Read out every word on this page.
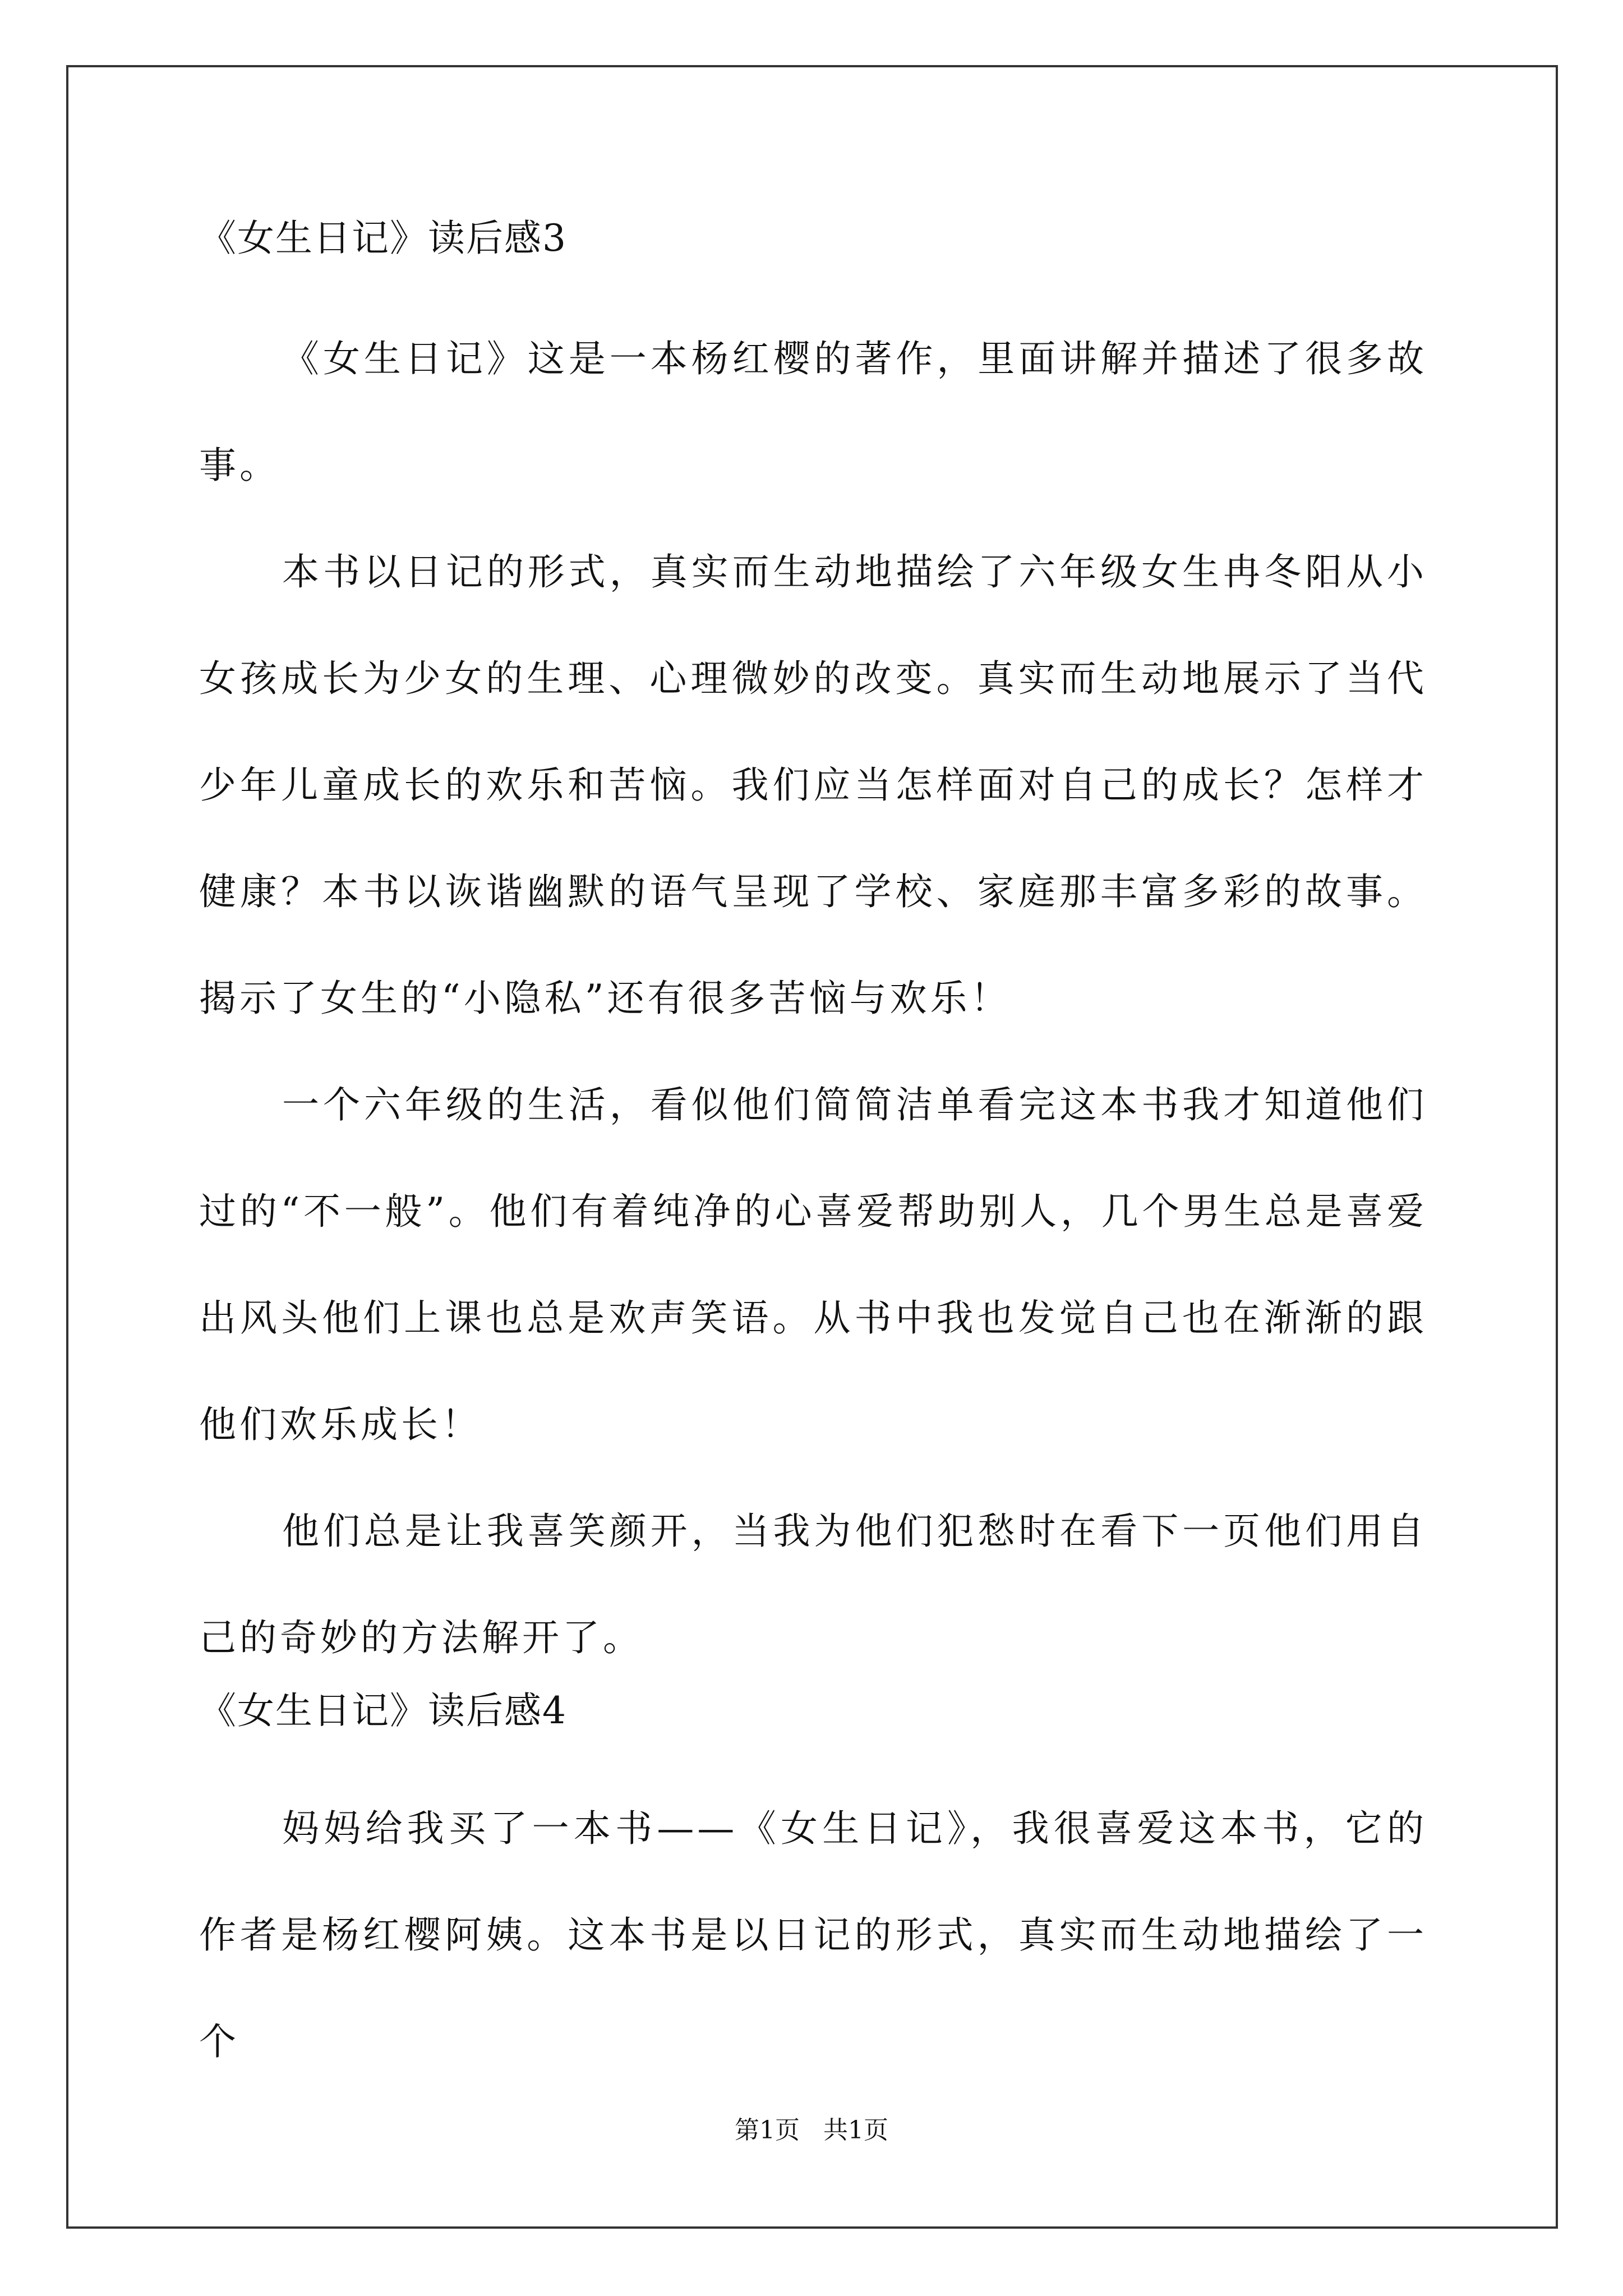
《女生日记》读后感3

《女生日记》这是一本杨红樱的著作，里面讲解并描述了很多故事。

本书以日记的形式，真实而生动地描绘了六年级女生冉冬阳从小女孩成长为少女的生理、心理微妙的改变。真实而生动地展示了当代少年儿童成长的欢乐和苦恼。我们应当怎样面对自己的成长？怎样才健康？本书以诙谐幽默的语气呈现了学校、家庭那丰富多彩的故事。揭示了女生的“小隐私”还有很多苦恼与欢乐！

一个六年级的生活，看似他们简简洁单看完这本书我才知道他们过的“不一般”。他们有着纯净的心喜爱帮助别人，几个男生总是喜爱出风头他们上课也总是欢声笑语。从书中我也发觉自己也在渐渐的跟他们欢乐成长！

他们总是让我喜笑颜开，当我为他们犯愁时在看下一页他们用自己的奇妙的方法解开了。

《女生日记》读后感4

妈妈给我买了一本书——《女生日记》，我很喜爱这本书，它的作者是杨红樱阿姨。这本书是以日记的形式，真实而生动地描绘了一个

第1页 共1页
